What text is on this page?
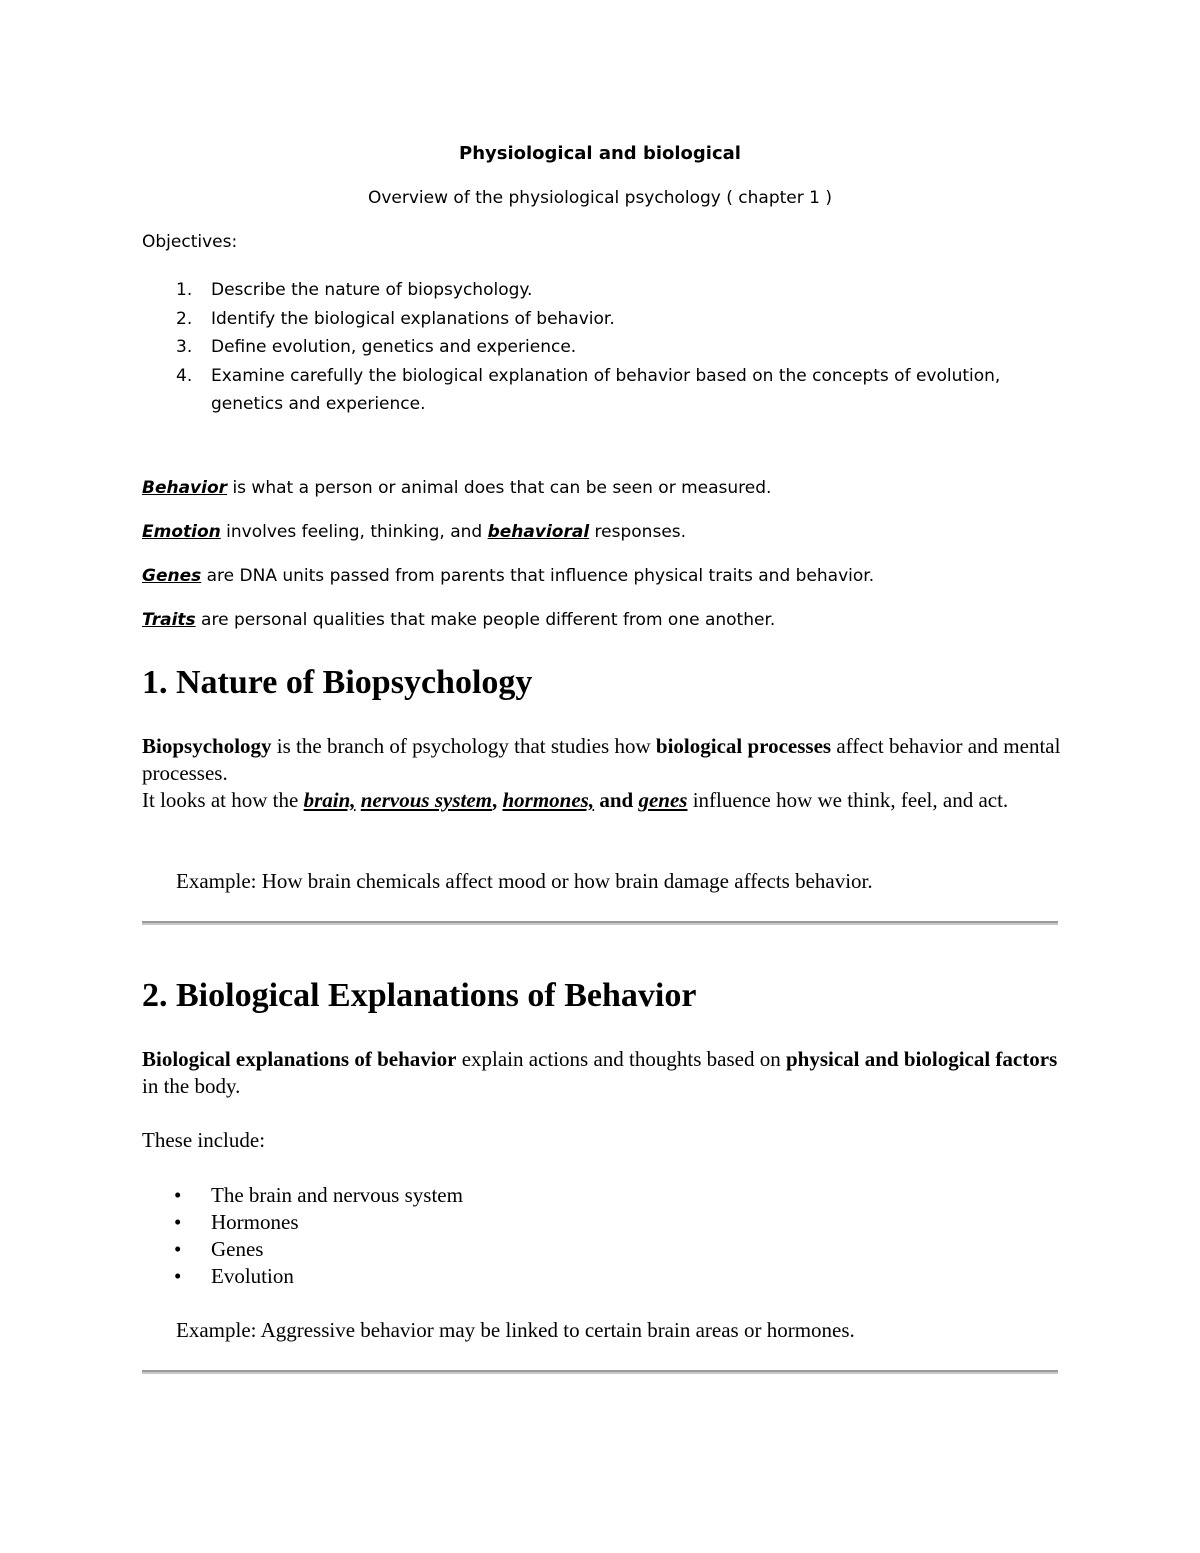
Physiological and biological
Overview of the physiological psychology ( chapter 1 )
Objectives:
1. Describe the nature of biopsychology.
2. Identify the biological explanations of behavior.
3. Define evolution, genetics and experience.
4. Examine carefully the biological explanation of behavior based on the concepts of evolution, genetics and experience.
Behavior is what a person or animal does that can be seen or measured.
Emotion involves feeling, thinking, and behavioral responses.
Genes are DNA units passed from parents that influence physical traits and behavior.
Traits are personal qualities that make people different from one another.
1. Nature of Biopsychology

Biopsychology is the branch of psychology that studies how biological processes affect behavior and mental processes.

It looks at how the brain, nervous system, hormones, and genes influence how we think, feel, and act.

Example: How brain chemicals affect mood or how brain damage affects behavior.

2. Biological Explanations of Behavior

Biological explanations of behavior explain actions and thoughts based on physical and biological factors in the body.

These include:

• The brain and nervous system
• Hormones
• Genes
• Evolution

Example: Aggressive behavior may be linked to certain brain areas or hormones.
